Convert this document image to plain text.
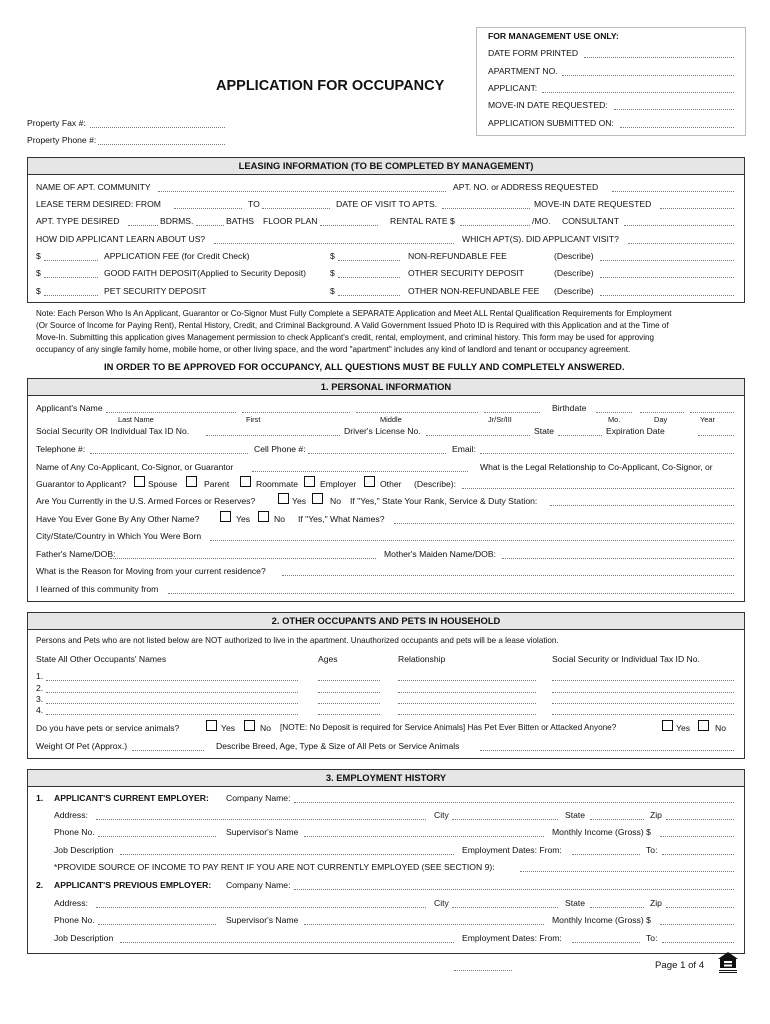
FOR MANAGEMENT USE ONLY:
DATE FORM PRINTED
APARTMENT NO.
APPLICANT:
MOVE-IN DATE REQUESTED:
APPLICATION SUBMITTED ON:
APPLICATION FOR OCCUPANCY
Property Fax #:
Property Phone #:
LEASING INFORMATION (TO BE COMPLETED BY MANAGEMENT)
NAME OF APT. COMMUNITY	APT. NO. or ADDRESS REQUESTED
LEASE TERM DESIRED: FROM	TO	DATE OF VISIT TO APTS.	MOVE-IN DATE REQUESTED
APT. TYPE DESIRED	BDRMS.	BATHS FLOOR PLAN	RENTAL RATE $	/MO. CONSULTANT
HOW DID APPLICANT LEARN ABOUT US?	WHICH APT(S). DID APPLICANT VISIT?
$	APPLICATION FEE (for Credit Check)	$	NON-REFUNDABLE FEE	(Describe)
$	GOOD FAITH DEPOSIT(Applied to Security Deposit)	$	OTHER SECURITY DEPOSIT	(Describe)
$	PET SECURITY DEPOSIT	$	OTHER NON-REFUNDABLE FEE (Describe)
Note: Each Person Who Is An Applicant, Guarantor or Co-Signor Must Fully Complete a SEPARATE Application and Meet ALL Rental Qualification Requirements for Employment
(Or Source of Income for Paying Rent), Rental History, Credit, and Criminal Background. A Valid Government Issued Photo ID is Required with this Application and at the Time of
Move-In. Submitting this application gives Management permission to check Applicant's credit, rental, employment, and criminal history. This form may be used for approving
occupancy of any single family home, mobile home, or other living space, and the word "apartment" includes any kind of landlord and tenant or occupancy agreement.
IN ORDER TO BE APPROVED FOR OCCUPANCY, ALL QUESTIONS MUST BE FULLY AND COMPLETELY ANSWERED.
1. PERSONAL INFORMATION
Applicant's Name	Birthdate
Last Name	First	Middle	Jr/Sr/III	Mo.	Day	Year
Social Security OR Individual Tax ID No.	Driver's License No.	State	Expiration Date
Telephone #:	Cell Phone #:	Email:
Name of Any Co-Applicant, Co-Signor, or Guarantor	What is the Legal Relationship to Co-Applicant, Co-Signor, or
Guarantor to Applicant?	Spouse	Parent	Roommate	Employer	Other (Describe):
Are You Currently in the U.S. Armed Forces or Reserves?	Yes	No If "Yes," State Your Rank, Service & Duty Station:
Have You Ever Gone By Any Other Name?	Yes	No If "Yes," What Names?
City/State/Country in Which You Were Born
Father's Name/DOB:	Mother's Maiden Name/DOB:
What is the Reason for Moving from your current residence?
I learned of this community from
2. OTHER OCCUPANTS AND PETS IN HOUSEHOLD
Persons and Pets who are not listed below are NOT authorized to live in the apartment. Unauthorized occupants and pets will be a lease violation.
State All Other Occupants' Names	Ages	Relationship	Social Security or Individual Tax ID No.
1.
2.
3.
4.
Do you have pets or service animals?	Yes	No [NOTE: No Deposit is required for Service Animals] Has Pet Ever Bitten or Attacked Anyone?	Yes	No
Weight Of Pet (Approx.)	Describe Breed, Age, Type & Size of All Pets or Service Animals
3. EMPLOYMENT HISTORY
1. APPLICANT'S CURRENT EMPLOYER: Company Name:
Address:	City	State	Zip
Phone No.	Supervisor's Name	Monthly Income (Gross) $
Job Description	Employment Dates: From:	To:
*PROVIDE SOURCE OF INCOME TO PAY RENT IF YOU ARE NOT CURRENTLY EMPLOYED (SEE SECTION 9):
2. APPLICANT'S PREVIOUS EMPLOYER: Company Name:
Address:	City	State	Zip
Phone No.	Supervisor's Name	Monthly Income (Gross) $
Job Description	Employment Dates: From:	To:
Page 1 of 4
